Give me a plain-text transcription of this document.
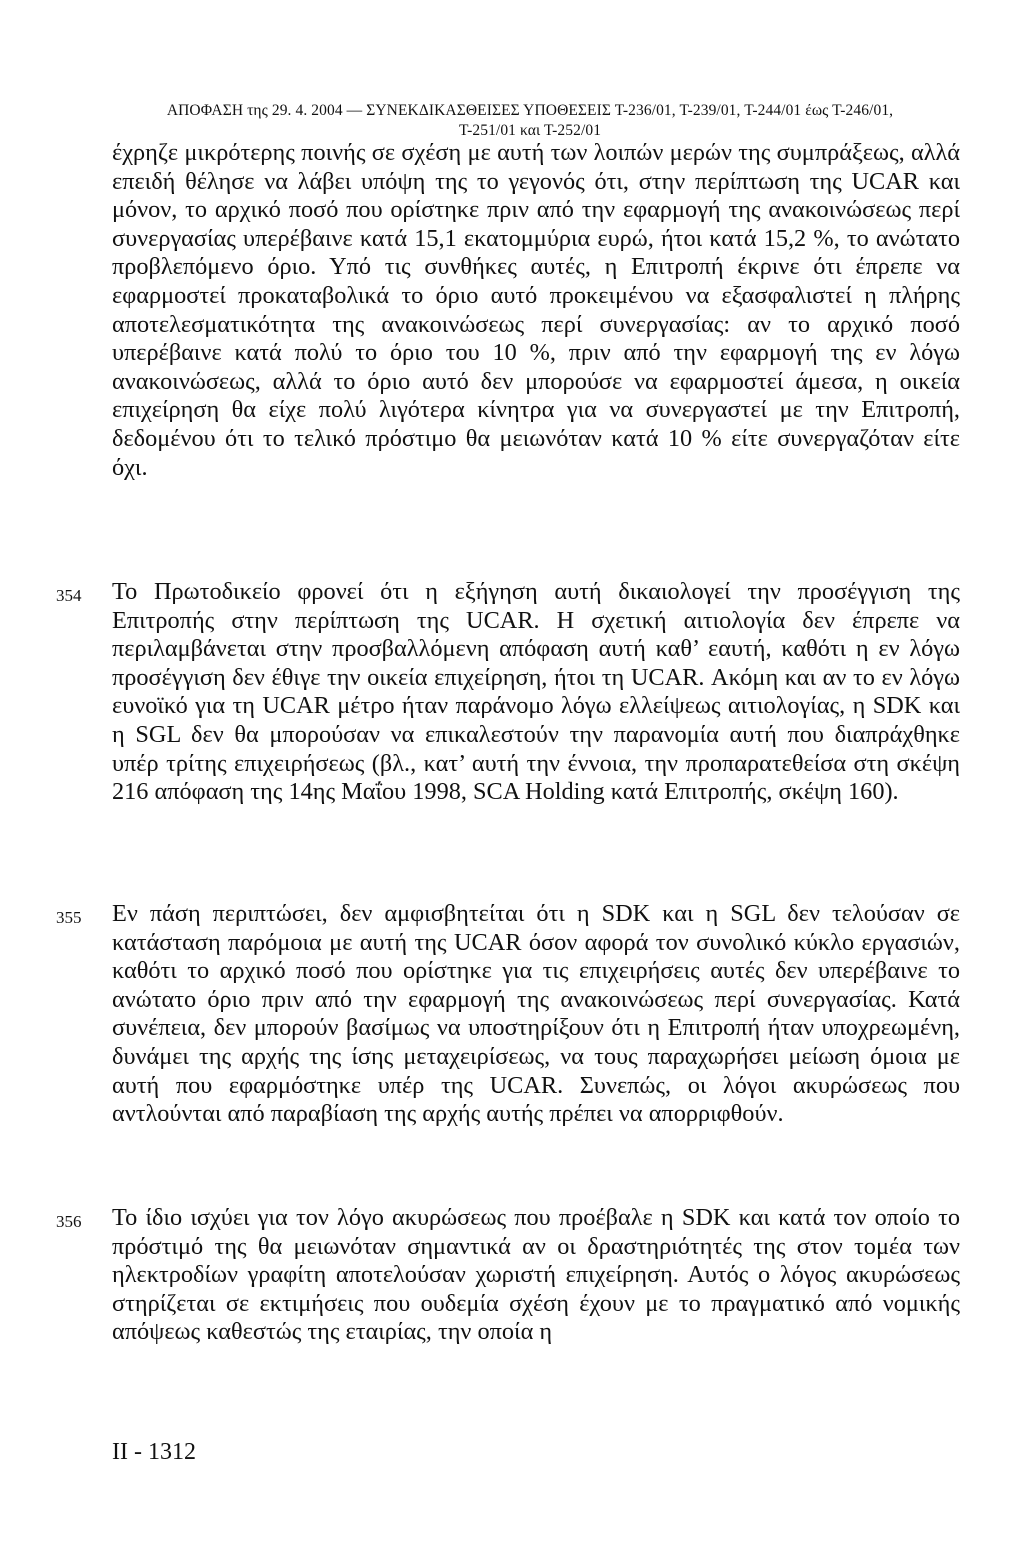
ΑΠΟΦΑΣΗ της 29. 4. 2004 — ΣΥΝΕΚΔΙΚΑΣΘΕΙΣΕΣ ΥΠΟΘΕΣΕΙΣ Τ-236/01, Τ-239/01, Τ-244/01 έως Τ-246/01,
Τ-251/01 και Τ-252/01

έχρηζε μικρότερης ποινής σε σχέση με αυτή των λοιπών μερών της συμπράξεως, αλλά επειδή θέλησε να λάβει υπόψη της το γεγονός ότι, στην περίπτωση της UCAR και μόνον, το αρχικό ποσό που ορίστηκε πριν από την εφαρμογή της ανακοινώσεως περί συνεργασίας υπερέβαινε κατά 15,1 εκατομμύρια ευρώ, ήτοι κατά 15,2 %, το ανώτατο προβλεπόμενο όριο. Υπό τις συνθήκες αυτές, η Επιτροπή έκρινε ότι έπρεπε να εφαρμοστεί προκαταβολικά το όριο αυτό προκειμένου να εξασφαλιστεί η πλήρης αποτελεσματικότητα της ανακοινώσεως περί συνεργασίας: αν το αρχικό ποσό υπερέβαινε κατά πολύ το όριο του 10 %, πριν από την εφαρμογή της εν λόγω ανακοινώσεως, αλλά το όριο αυτό δεν μπορούσε να εφαρμοστεί άμεσα, η οικεία επιχείρηση θα είχε πολύ λιγότερα κίνητρα για να συνεργαστεί με την Επιτροπή, δεδομένου ότι το τελικό πρόστιμο θα μειωνόταν κατά 10 % είτε συνεργαζόταν είτε όχι.

354 Το Πρωτοδικείο φρονεί ότι η εξήγηση αυτή δικαιολογεί την προσέγγιση της Επιτροπής στην περίπτωση της UCAR. Η σχετική αιτιολογία δεν έπρεπε να περιλαμβάνεται στην προσβαλλόμενη απόφαση αυτή καθ’ εαυτή, καθότι η εν λόγω προσέγγιση δεν έθιγε την οικεία επιχείρηση, ήτοι τη UCAR. Ακόμη και αν το εν λόγω ευνοϊκό για τη UCAR μέτρο ήταν παράνομο λόγω ελλείψεως αιτιολογίας, η SDK και η SGL δεν θα μπορούσαν να επικαλεστούν την παρανομία αυτή που διαπράχθηκε υπέρ τρίτης επιχειρήσεως (βλ., κατ’ αυτή την έννοια, την προπαρατεθείσα στη σκέψη 216 απόφαση της 14ης Μαΐου 1998, SCA Holding κατά Επιτροπής, σκέψη 160).

355 Εν πάση περιπτώσει, δεν αμφισβητείται ότι η SDK και η SGL δεν τελούσαν σε κατάσταση παρόμοια με αυτή της UCAR όσον αφορά τον συνολικό κύκλο εργασιών, καθότι το αρχικό ποσό που ορίστηκε για τις επιχειρήσεις αυτές δεν υπερέβαινε το ανώτατο όριο πριν από την εφαρμογή της ανακοινώσεως περί συνεργασίας. Κατά συνέπεια, δεν μπορούν βασίμως να υποστηρίξουν ότι η Επιτροπή ήταν υποχρεωμένη, δυνάμει της αρχής της ίσης μεταχειρίσεως, να τους παραχωρήσει μείωση όμοια με αυτή που εφαρμόστηκε υπέρ της UCAR. Συνεπώς, οι λόγοι ακυρώσεως που αντλούνται από παραβίαση της αρχής αυτής πρέπει να απορριφθούν.

356 Το ίδιο ισχύει για τον λόγο ακυρώσεως που προέβαλε η SDK και κατά τον οποίο το πρόστιμό της θα μειωνόταν σημαντικά αν οι δραστηριότητές της στον τομέα των ηλεκτροδίων γραφίτη αποτελούσαν χωριστή επιχείρηση. Αυτός ο λόγος ακυρώσεως στηρίζεται σε εκτιμήσεις που ουδεμία σχέση έχουν με το πραγματικό από νομικής απόψεως καθεστώς της εταιρίας, την οποία η

II - 1312
